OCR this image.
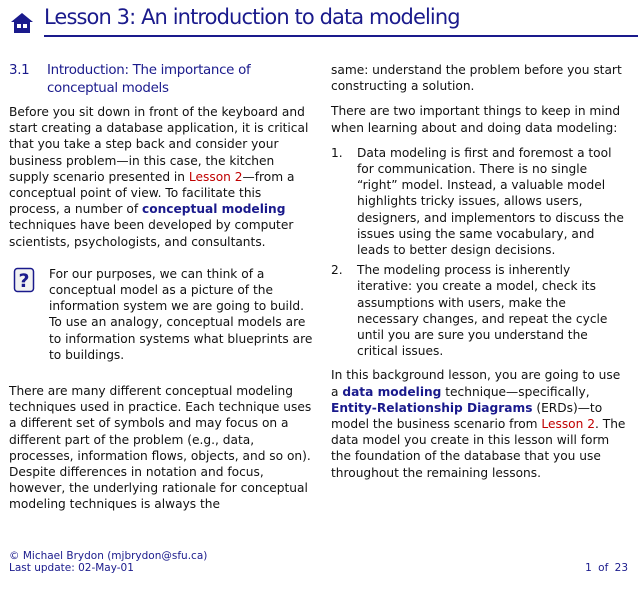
Lesson 3: An introduction to data modeling
3.1 Introduction: The importance of conceptual models

Before you sit down in front of the keyboard and start creating a database application, it is critical that you take a step back and consider your business problem—in this case, the kitchen supply scenario presented in Lesson 2—from a conceptual point of view. To facilitate this process, a number of conceptual modeling techniques have been developed by computer scientists, psychologists, and consultants.

? For our purposes, we can think of a conceptual model as a picture of the information system we are going to build. To use an analogy, conceptual models are to information systems what blueprints are to buildings.

There are many different conceptual modeling techniques used in practice. Each technique uses a different set of symbols and may focus on a different part of the problem (e.g., data, processes, information flows, objects, and so on). Despite differences in notation and focus, however, the underlying rationale for conceptual modeling techniques is always the

same: understand the problem before you start constructing a solution.

There are two important things to keep in mind when learning about and doing data modeling:

1. Data modeling is first and foremost a tool for communication. There is no single “right” model. Instead, a valuable model highlights tricky issues, allows users, designers, and implementors to discuss the issues using the same vocabulary, and leads to better design decisions.
2. The modeling process is inherently iterative: you create a model, check its assumptions with users, make the necessary changes, and repeat the cycle until you are sure you understand the critical issues.

In this background lesson, you are going to use a data modeling technique—specifically, Entity-Relationship Diagrams (ERDs)—to model the business scenario from Lesson 2. The data model you create in this lesson will form the foundation of the database that you use throughout the remaining lessons.

© Michael Brydon (mjbrydon@sfu.ca)
Last update: 02-May-01	1 of 23
